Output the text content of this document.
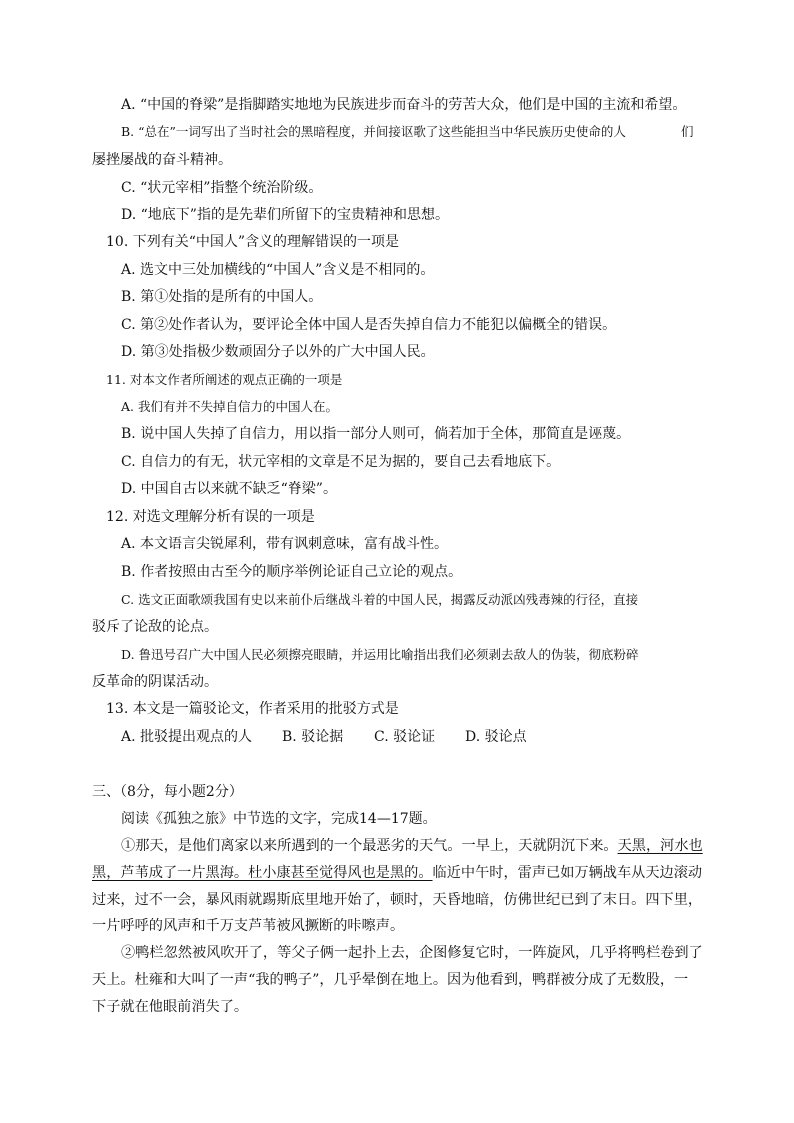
A. “中国的脊梁”是指脚踏实地地为民族进步而奋斗的劳苦大众，他们是中国的主流和希望。
B. “总在”一词写出了当时社会的黑暗程度，并间接讴歌了这些能担当中华民族历史使命的人	们
屡挫屡战的奋斗精神。
C. “状元宰相”指整个统治阶级。
D. “地底下”指的是先辈们所留下的宝贵精神和思想。
10. 下列有关“中国人”含义的理解错误的一项是
A. 选文中三处加横线的“中国人”含义是不相同的。
B. 第①处指的是所有的中国人。
C. 第②处作者认为，要评论全体中国人是否失掉自信力不能犯以偏概全的错误。
D. 第③处指极少数顽固分子以外的广大中国人民。
11. 对本文作者所阐述的观点正确的一项是
A. 我们有并不失掉自信力的中国人在。
B. 说中国人失掉了自信力，用以指一部分人则可，倘若加于全体，那简直是诬蔑。
C. 自信力的有无，状元宰相的文章是不足为据的，要自己去看地底下。
D. 中国自古以来就不缺乏“脊梁”。
12. 对选文理解分析有误的一项是
A. 本文语言尖锐犀利，带有讽刺意味，富有战斗性。
B. 作者按照由古至今的顺序举例论证自己立论的观点。
C. 选文正面歌颂我国有史以来前仆后继战斗着的中国人民，揭露反动派凶残毒辣的行径，直接
驳斥了论敌的论点。
D. 鲁迅号召广大中国人民必须擦亮眼睛，并运用比喻指出我们必须剥去敌人的伪装，彻底粉碎
反革命的阴谋活动。
13. 本文是一篇驳论文，作者采用的批驳方式是
A. 批驳提出观点的人 B. 驳论据 C. 驳论证 D. 驳论点
三、（8分，每小题2分）
阅读《孤独之旅》中节选的文字，完成14—17题。
①那天，是他们离家以来所遇到的一个最恶劣的天气。一早上，天就阴沉下来。天黑，河水也
黑，芦苇成了一片黑海。杜小康甚至觉得风也是黑的。临近中午时，雷声已如万辆战车从天边滚动
过来，过不一会，暴风雨就踢斯底里地开始了，顿时，天昏地暗，仿佛世纪已到了末日。四下里，
一片呼呼的风声和千万支芦苇被风撅断的咔嚓声。
②鸭栏忽然被风吹开了，等父子俩一起扑上去，企图修复它时，一阵旋风，几乎将鸭栏卷到了
天上。杜雍和大叫了一声“我的鸭子”，几乎晕倒在地上。因为他看到，鸭群被分成了无数股，一
下子就在他眼前消失了。
